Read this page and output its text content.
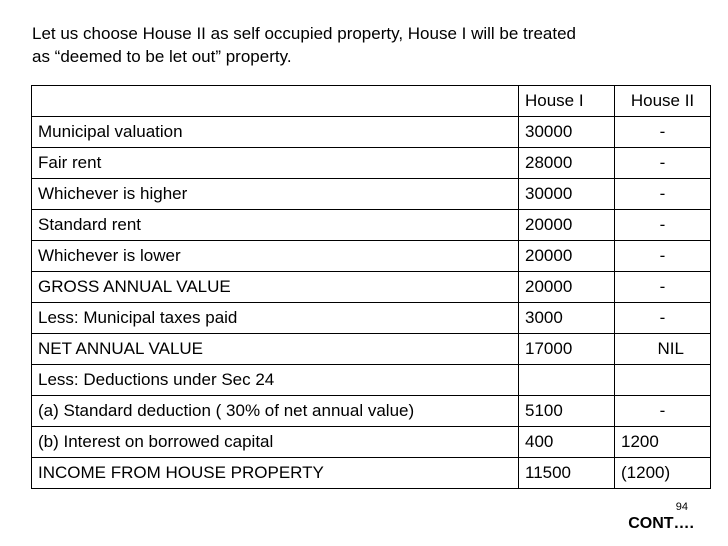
Let us choose House II as self occupied property, House I will be treated
as “deemed to be let out” property.
	House I	House II
Municipal valuation	30000	-
Fair rent	28000	-
Whichever is higher	30000	-
Standard rent	20000	-
Whichever is lower	20000	-
GROSS ANNUAL VALUE	20000	-
Less: Municipal taxes paid	3000	-
NET ANNUAL VALUE	17000	NIL
Less: Deductions under Sec 24		
(a) Standard deduction ( 30% of net annual value)	5100	-
(b) Interest on borrowed capital	400	1200
INCOME FROM HOUSE PROPERTY	11500	(1200)
94
CONT….
